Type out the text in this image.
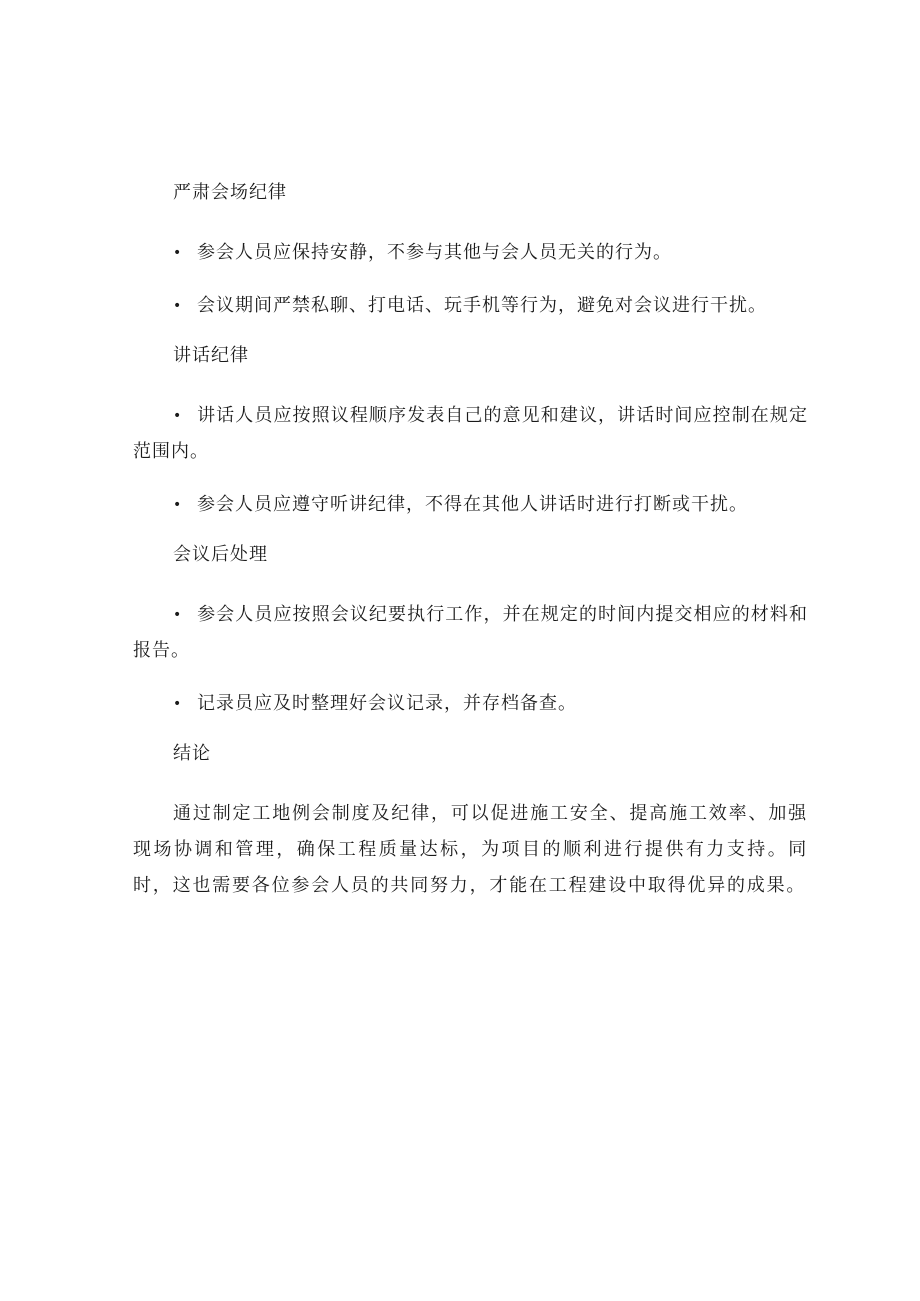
严肃会场纪律

• 参会人员应保持安静，不参与其他与会人员无关的行为。

• 会议期间严禁私聊、打电话、玩手机等行为，避免对会议进行干扰。

讲话纪律

• 讲话人员应按照议程顺序发表自己的意见和建议，讲话时间应控制在规定范围内。

• 参会人员应遵守听讲纪律，不得在其他人讲话时进行打断或干扰。

会议后处理

• 参会人员应按照会议纪要执行工作，并在规定的时间内提交相应的材料和报告。

• 记录员应及时整理好会议记录，并存档备查。

结论

通过制定工地例会制度及纪律，可以促进施工安全、提高施工效率、加强现场协调和管理，确保工程质量达标，为项目的顺利进行提供有力支持。同时，这也需要各位参会人员的共同努力，才能在工程建设中取得优异的成果。
